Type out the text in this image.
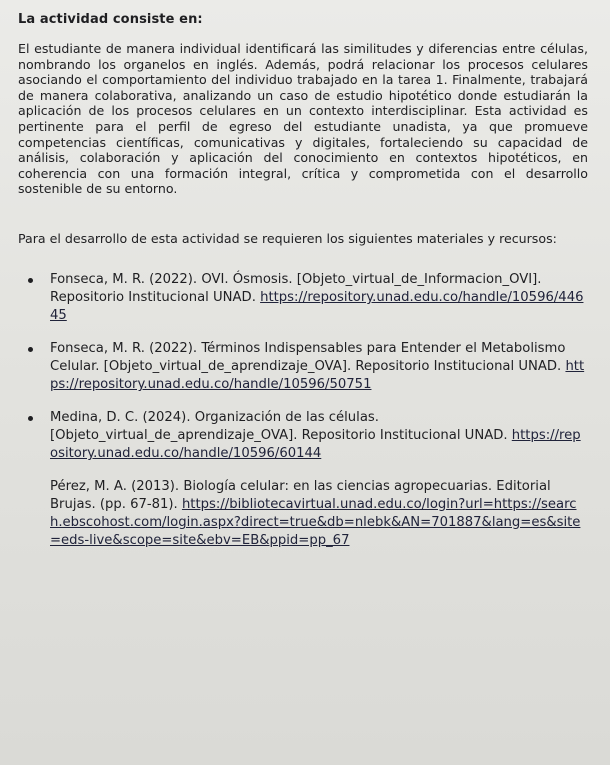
La actividad consiste en:
El estudiante de manera individual identificará las similitudes y diferencias entre células, nombrando los organelos en inglés. Además, podrá relacionar los procesos celulares asociando el comportamiento del individuo trabajado en la tarea 1. Finalmente, trabajará de manera colaborativa, analizando un caso de estudio hipotético donde estudiarán la aplicación de los procesos celulares en un contexto interdisciplinar. Esta actividad es pertinente para el perfil de egreso del estudiante unadista, ya que promueve competencias científicas, comunicativas y digitales, fortaleciendo su capacidad de análisis, colaboración y aplicación del conocimiento en contextos hipotéticos, en coherencia con una formación integral, crítica y comprometida con el desarrollo sostenible de su entorno.
Para el desarrollo de esta actividad se requieren los siguientes materiales y recursos:
Fonseca, M. R. (2022). OVI. Ósmosis. [Objeto_virtual_de_Informacion_OVI]. Repositorio Institucional UNAD. https://repository.unad.edu.co/handle/10596/44645
Fonseca, M. R. (2022). Términos Indispensables para Entender el Metabolismo Celular. [Objeto_virtual_de_aprendizaje_OVA]. Repositorio Institucional UNAD. https://repository.unad.edu.co/handle/10596/50751
Medina, D. C. (2024). Organización de las células. [Objeto_virtual_de_aprendizaje_OVA]. Repositorio Institucional UNAD. https://repository.unad.edu.co/handle/10596/60144
Pérez, M. A. (2013). Biología celular: en las ciencias agropecuarias. Editorial Brujas. (pp. 67-81). https://bibliotecavirtual.unad.edu.co/login?url=https://search.ebscohost.com/login.aspx?direct=true&db=nlebk&AN=701887&lang=es&site=eds-live&scope=site&ebv=EB&ppid=pp_67
